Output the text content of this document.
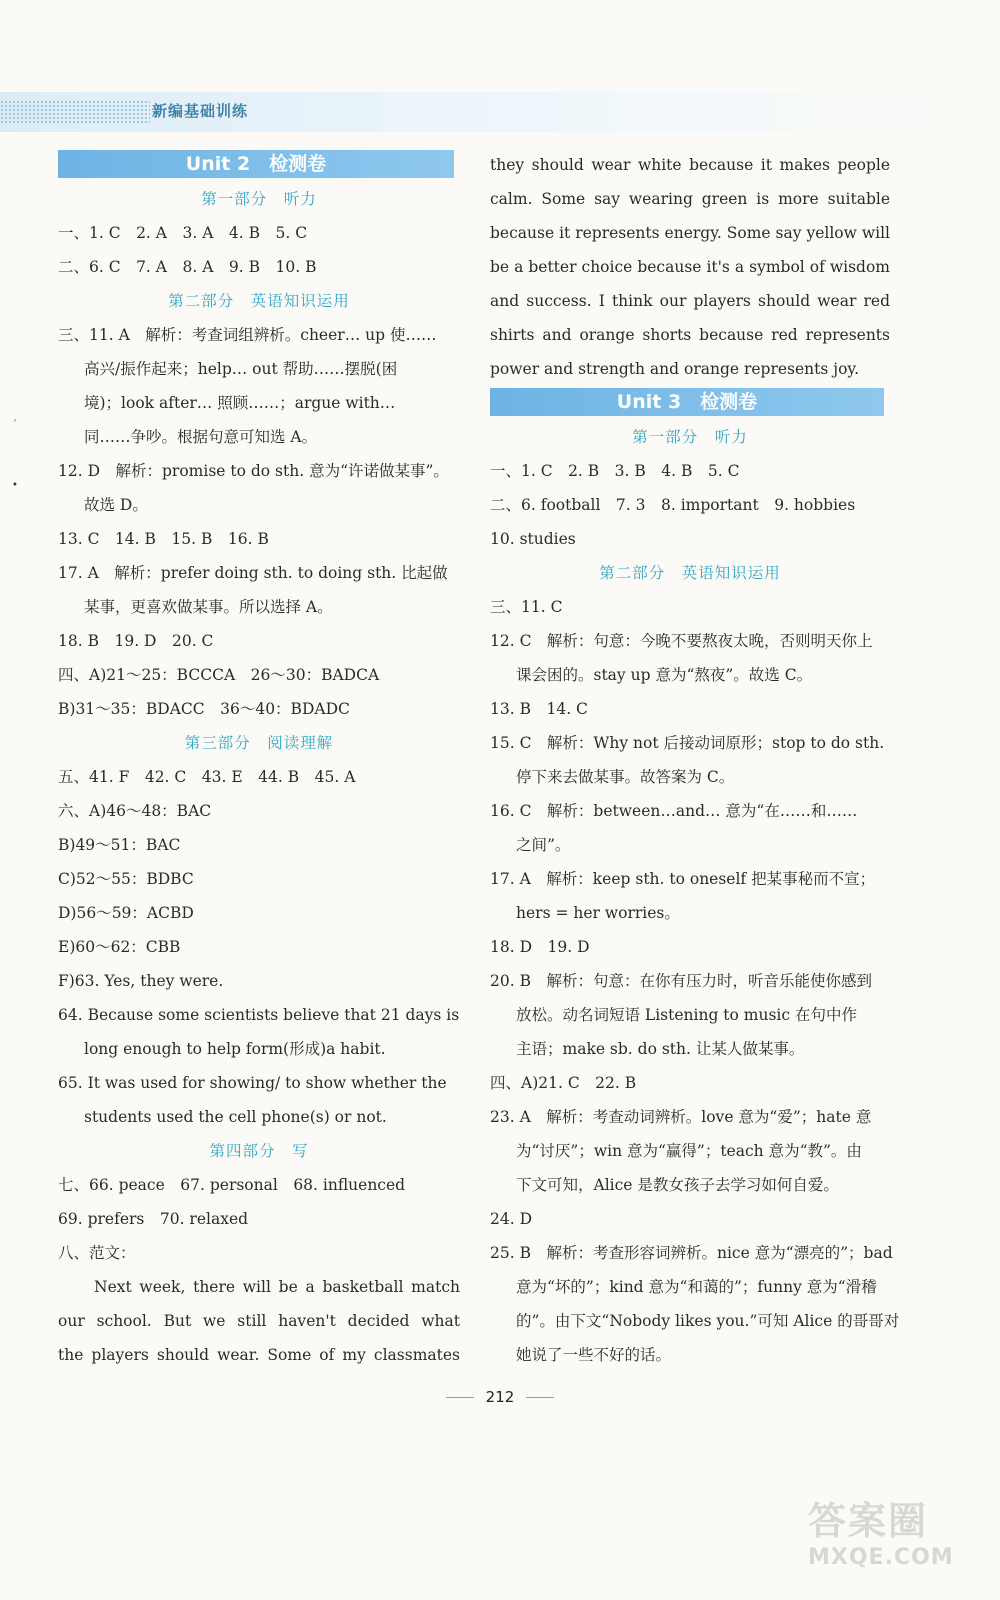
新编基础训练
ˊ
•
Unit 2　检测卷
第一部分　听力
一、1. C　2. A　3. A　4. B　5. C
二、6. C　7. A　8. A　9. B　10. B
第二部分　英语知识运用
三、11. A　解析：考查词组辨析。cheer… up 使……
高兴/振作起来；help… out 帮助……摆脱(困
境)；look after… 照顾……；argue with…
同……争吵。根据句意可知选 A。
12. D　解析：promise to do sth. 意为“许诺做某事”。
故选 D。
13. C　14. B　15. B　16. B
17. A　解析：prefer doing sth. to doing sth. 比起做
某事，更喜欢做某事。所以选择 A。
18. B　19. D　20. C
四、A)21～25：BCCCA　26～30：BADCA
B)31～35：BDACC　36～40：BDADC
第三部分　阅读理解
五、41. F　42. C　43. E　44. B　45. A
六、A)46～48：BAC
B)49～51：BAC
C)52～55：BDBC
D)56～59：ACBD
E)60～62：CBB
F)63. Yes, they were.
64. Because some scientists believe that 21 days is
long enough to help form(形成)a habit.
65. It was used for showing/ to show whether the
students used the cell phone(s) or not.
第四部分　写
七、66. peace　67. personal　68. influenced
69. prefers　70. relaxed
八、范文：
Next week, there will be a basketball match
our school. But we still haven't decided what
the players should wear. Some of my classmates
they should wear white because it makes people
calm. Some say wearing green is more suitable
because it represents energy. Some say yellow will
be a better choice because it's a symbol of wisdom
and success. I think our players should wear red
shirts and orange shorts because red represents
power and strength and orange represents joy.
Unit 3　检测卷
第一部分　听力
一、1. C　2. B　3. B　4. B　5. C
二、6. football　7. 3　8. important　9. hobbies
10. studies
第二部分　英语知识运用
三、11. C
12. C　解析：句意：今晚不要熬夜太晚，否则明天你上
课会困的。stay up 意为“熬夜”。故选 C。
13. B　14. C
15. C　解析：Why not 后接动词原形；stop to do sth.
停下来去做某事。故答案为 C。
16. C　解析：between…and… 意为“在……和……
之间”。
17. A　解析：keep sth. to oneself 把某事秘而不宣；
hers = her worries。
18. D　19. D
20. B　解析：句意：在你有压力时，听音乐能使你感到
放松。动名词短语 Listening to music 在句中作
主语；make sb. do sth. 让某人做某事。
四、A)21. C　22. B
23. A　解析：考查动词辨析。love 意为“爱”；hate 意
为“讨厌”；win 意为“赢得”；teach 意为“教”。由
下文可知，Alice 是教女孩子去学习如何自爱。
24. D
25. B　解析：考查形容词辨析。nice 意为“漂亮的”；bad
意为“坏的”；kind 意为“和蔼的”；funny 意为“滑稽
的”。由下文“Nobody likes you.”可知 Alice 的哥哥对
她说了一些不好的话。
212
答案圈
MXQE.COM
